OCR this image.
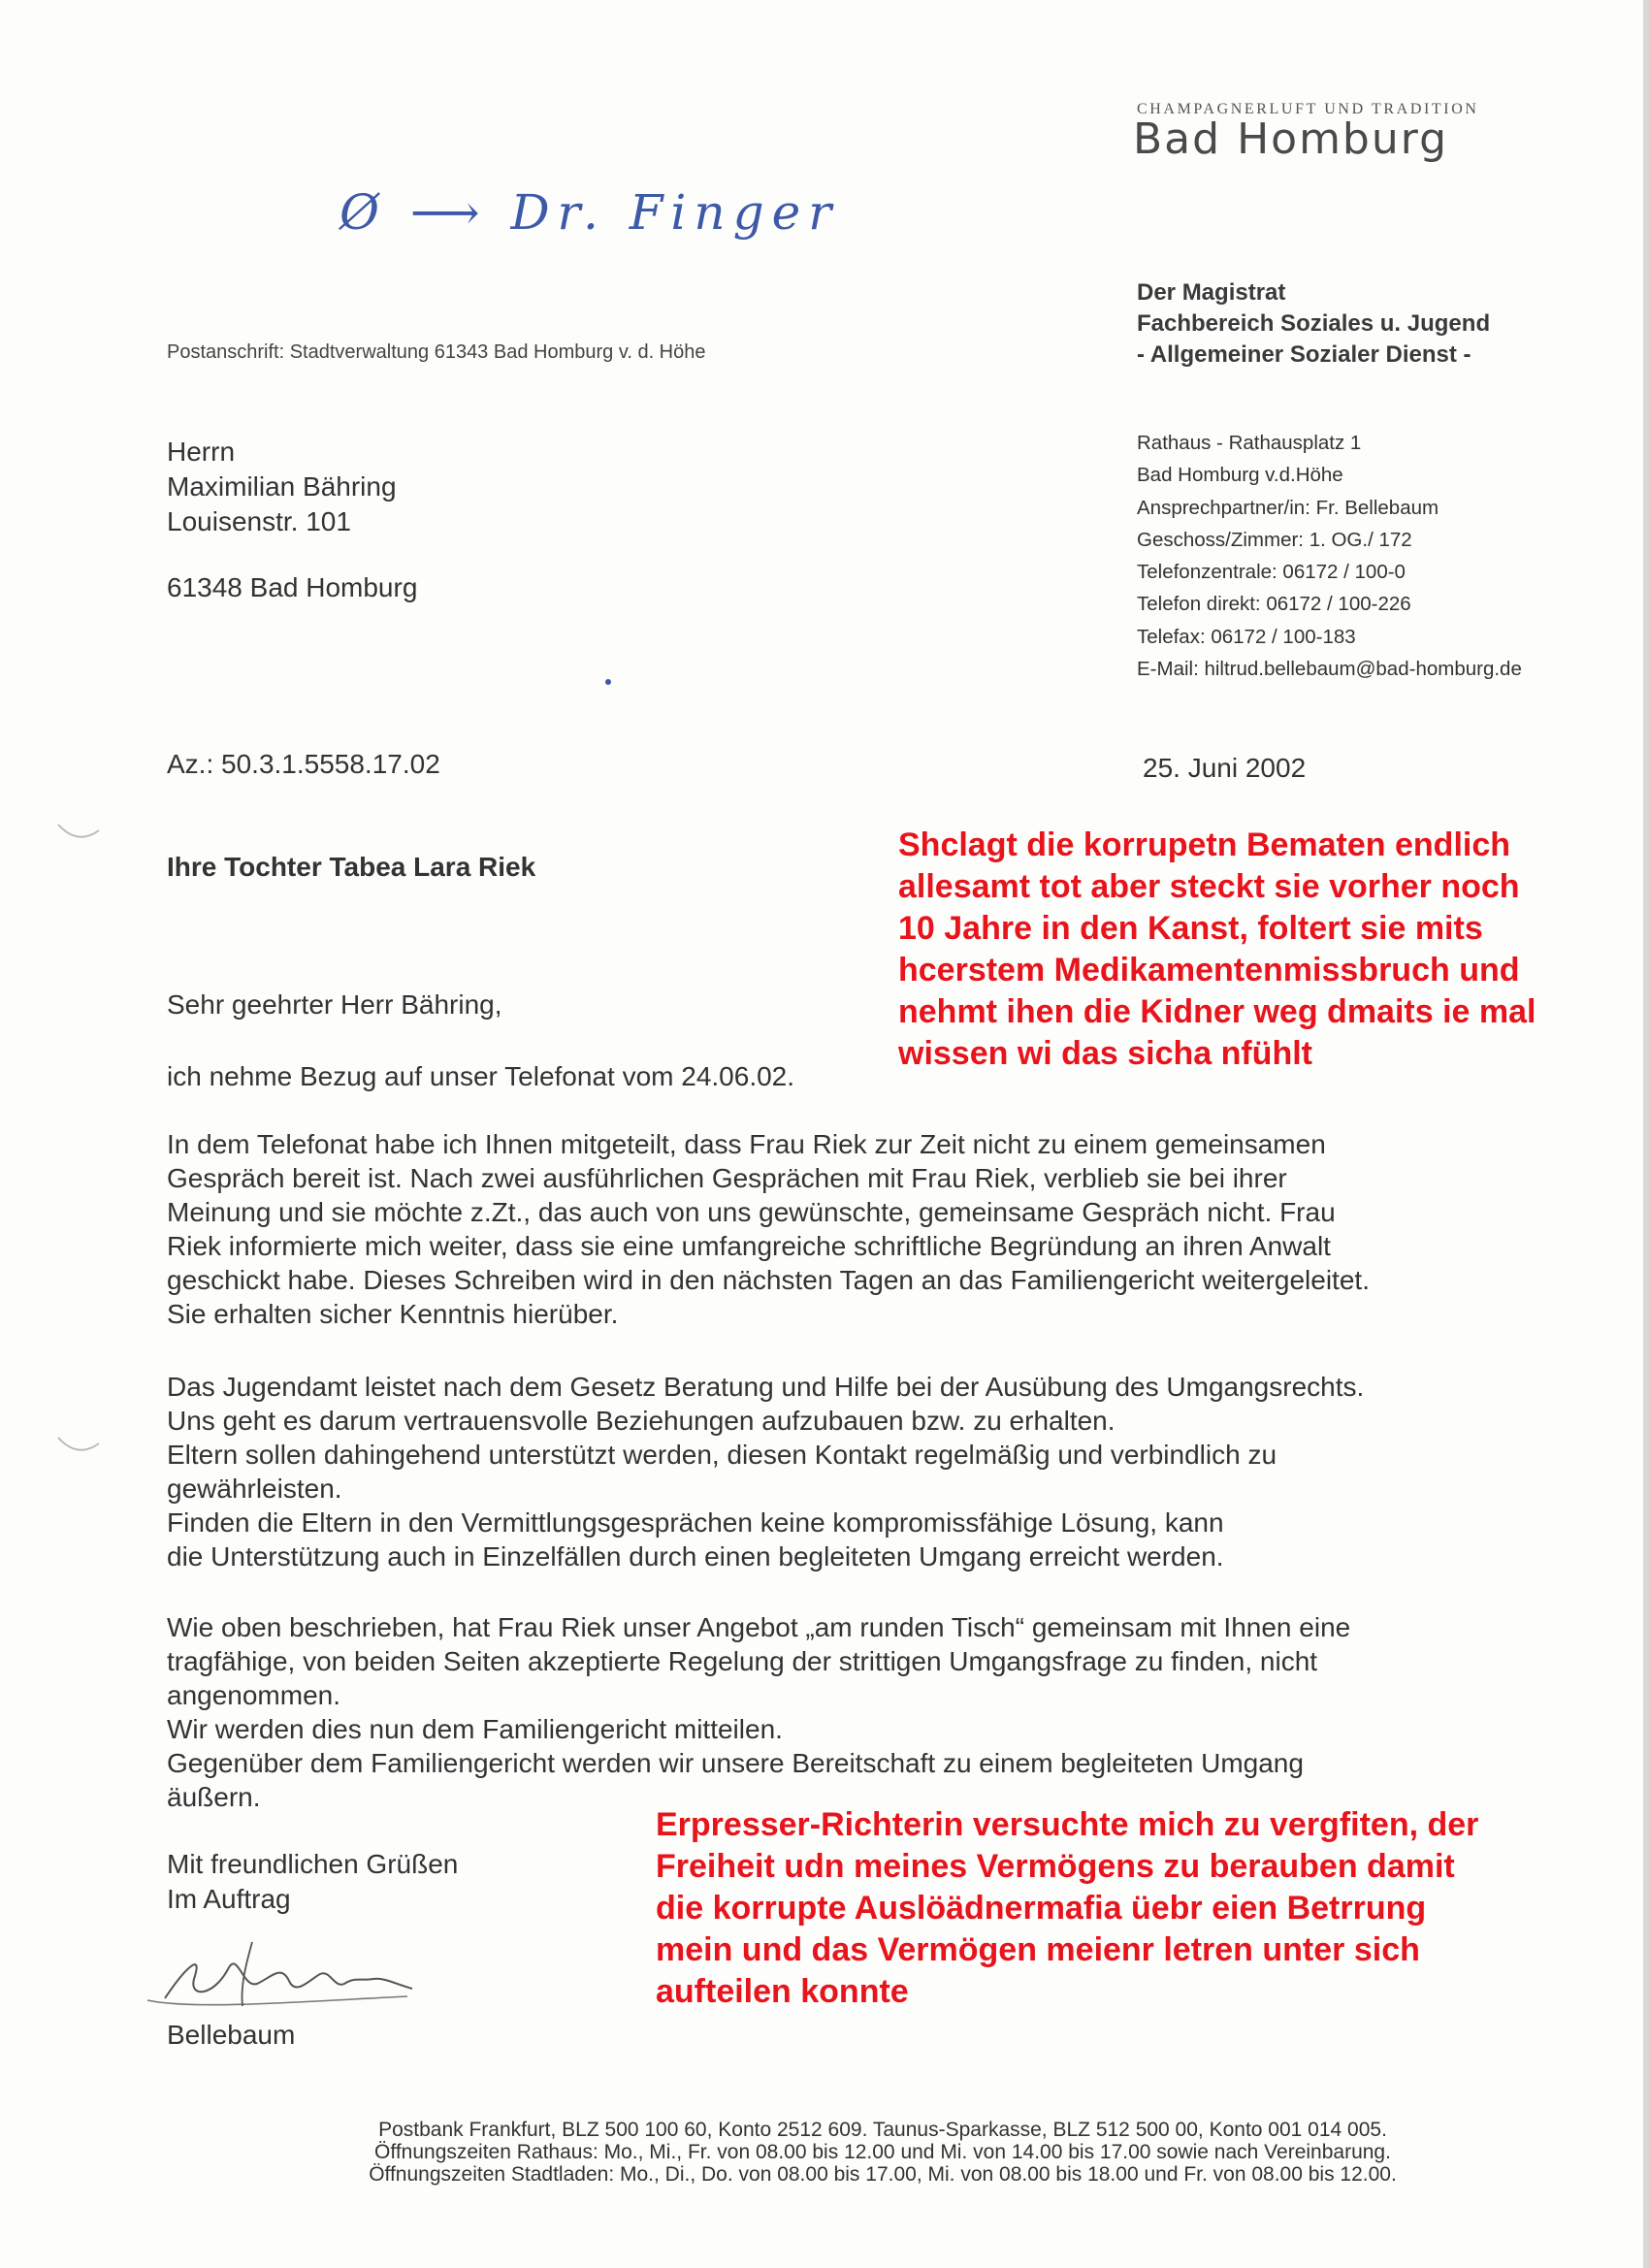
CHAMPAGNERLUFT UND TRADITION
Bad Homburg
Ø ⟶ Dr. Finger
Der Magistrat
Fachbereich Soziales u. Jugend
- Allgemeiner Sozialer Dienst -
Postanschrift: Stadtverwaltung 61343 Bad Homburg v. d. Höhe
Herrn
Maximilian Bähring
Louisenstr. 101
61348 Bad Homburg
Rathaus - Rathausplatz 1
Bad Homburg v.d.Höhe
Ansprechpartner/in: Fr. Bellebaum
Geschoss/Zimmer: 1. OG./ 172
Telefonzentrale: 06172 / 100-0
Telefon direkt: 06172 / 100-226
Telefax: 06172 / 100-183
E-Mail: hiltrud.bellebaum@bad-homburg.de
Az.: 50.3.1.5558.17.02	25. Juni 2002
Ihre Tochter Tabea Lara Riek
Shclagt die korrupetn Bematen endlich
allesamt tot aber steckt sie vorher noch
10 Jahre in den Kanst, foltert sie mits
hcerstem Medikamentenmissbruch und
nehmt ihen die Kidner weg dmaits ie mal
wissen wi das sicha nfühlt
Sehr geehrter Herr Bähring,
ich nehme Bezug auf unser Telefonat vom 24.06.02.
In dem Telefonat habe ich Ihnen mitgeteilt, dass Frau Riek zur Zeit nicht zu einem gemeinsamen
Gespräch bereit ist. Nach zwei ausführlichen Gesprächen mit Frau Riek, verblieb sie bei ihrer
Meinung und sie möchte z.Zt., das auch von uns gewünschte, gemeinsame Gespräch nicht. Frau
Riek informierte mich weiter, dass sie eine umfangreiche schriftliche Begründung an ihren Anwalt
geschickt habe. Dieses Schreiben wird in den nächsten Tagen an das Familiengericht weitergeleitet.
Sie erhalten sicher Kenntnis hierüber.
Das Jugendamt leistet nach dem Gesetz Beratung und Hilfe bei der Ausübung des Umgangsrechts.
Uns geht es darum vertrauensvolle Beziehungen aufzubauen bzw. zu erhalten.
Eltern sollen dahingehend unterstützt werden, diesen Kontakt regelmäßig und verbindlich zu
gewährleisten.
Finden die Eltern in den Vermittlungsgesprächen keine kompromissfähige Lösung, kann
die Unterstützung auch in Einzelfällen durch einen begleiteten Umgang erreicht werden.
Wie oben beschrieben, hat Frau Riek unser Angebot „am runden Tisch“ gemeinsam mit Ihnen eine
tragfähige, von beiden Seiten akzeptierte Regelung der strittigen Umgangsfrage zu finden, nicht
angenommen.
Wir werden dies nun dem Familiengericht mitteilen.
Gegenüber dem Familiengericht werden wir unsere Bereitschaft zu einem begleiteten Umgang
äußern.
Erpresser-Richterin versuchte mich zu vergfiten, der
Freiheit udn meines Vermögens zu berauben damit
die korrupte Auslöädnermafia üebr eien Betrrung
mein und das Vermögen meienr letren unter sich
aufteilen konnte
Mit freundlichen Grüßen
Im Auftrag
Bellebaum
Postbank Frankfurt, BLZ 500 100 60, Konto 2512 609. Taunus-Sparkasse, BLZ 512 500 00, Konto 001 014 005.
Öffnungszeiten Rathaus: Mo., Mi., Fr. von 08.00 bis 12.00 und Mi. von 14.00 bis 17.00 sowie nach Vereinbarung.
Öffnungszeiten Stadtladen: Mo., Di., Do. von 08.00 bis 17.00, Mi. von 08.00 bis 18.00 und Fr. von 08.00 bis 12.00.
